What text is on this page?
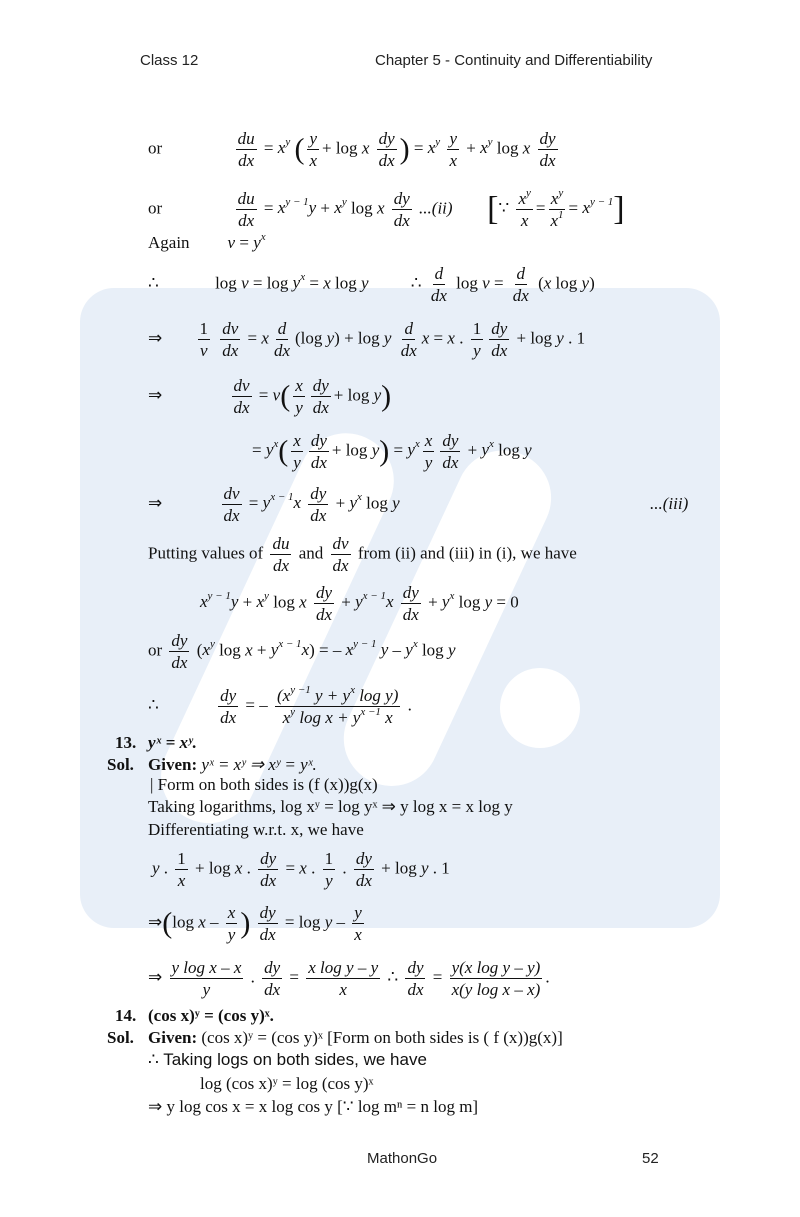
Class 12	Chapter 5 - Continuity and Differentiability
or	$\frac{du}{dx} = x^y$ ( $\frac{y}{x} + \log x \frac{dy}{dx}$ ) = $x^y \frac{y}{x} + x^y$ log x $\frac{dy}{dx}$
or	$\frac{du}{dx} = x^{y - 1}y + x^y$ log x $\frac{dy}{dx} ...(ii)$ [∵ $\frac{x^y}{x} = \frac{x^y}{x^1} = x^{y - 1}$]
Again $v = y^x$
∴	$\log v = \log y^x = x$ log y ∴ $\frac{d}{dx}$ $\log v = \frac{d}{dx} (x$ log y)
⇒ $\frac{1}{v}$
$\frac{dv}{dx} = x \frac{d}{dx} (\log$ y) + log y $\frac{d}{dx}$ x = x . $\frac{1}{y} \frac{dy}{dx} + \log y$ . 1
⇒	$\frac{dv}{dx} = v( \frac{x}{y} \frac{dy}{dx} + \log y)$
= $y^x( \frac{x}{y} \frac{dy}{dx} + \log y) = y^x \frac{x}{y} \frac{dy}{dx} + y^x$ log y
⇒	$\frac{dv}{dx} = y^{x - 1}x \frac{dy}{dx} + y^x$ log y	...(iii)
Putting values of $\frac{du}{dx}$ and $\frac{dv}{dx}$ from (ii) and (iii) in (i), we have
$x^{y - 1}y + x^y$ log x $\frac{dy}{dx} + y^{x - 1}x \frac{dy}{dx} + y^x$ log y = 0
or $\frac{dy}{dx} (x^y$ $\log x + y^{x - 1}x$) = – $x^{y - 1}$ y – $y^x$ log y
∴	$\frac{dy}{dx}$ = – $\frac{(x^{y -1} y + y^x \log y)}{x^y \log x + y^{x -1} x}$ .
13. yˣ = xʸ.
Sol. Given: yˣ = xʸ ⇒ xʸ = yˣ.
| Form on both sides is (f (x))g(x)
Taking logarithms, log xʸ = log yˣ ⇒ y log x = x log y
Differentiating w.r.t. x, we have
y . $\frac{1}{x} + \log x$ . $\frac{dy}{dx} = x$ . $\frac{1}{y}$ . $\frac{dy}{dx} + \log y$ . 1
⇒(log x – $\frac{x}{y}$ ) $\frac{dy}{dx} = \log y - \frac{y}{x}$
⇒ $\frac{\text{y log x – x}}{y}$ . $\frac{dy}{dx} = \frac{\text{x log y – y}}{x}$ ∴ $\frac{dy}{dx} = \frac{\text{y(x log y – y)}}{\text{x(y log x – x)}}$ .
14. (cos x)ʸ = (cos y)ˣ.
Sol. Given: (cos x)ʸ = (cos y)ˣ [Form on both sides is ( f (x))g(x)]
∴ Taking logs on both sides, we have
log (cos x)ʸ = log (cos y)ˣ
⇒ y log cos x = x log cos y [∵ log mⁿ = n log m]
MathonGo	52
